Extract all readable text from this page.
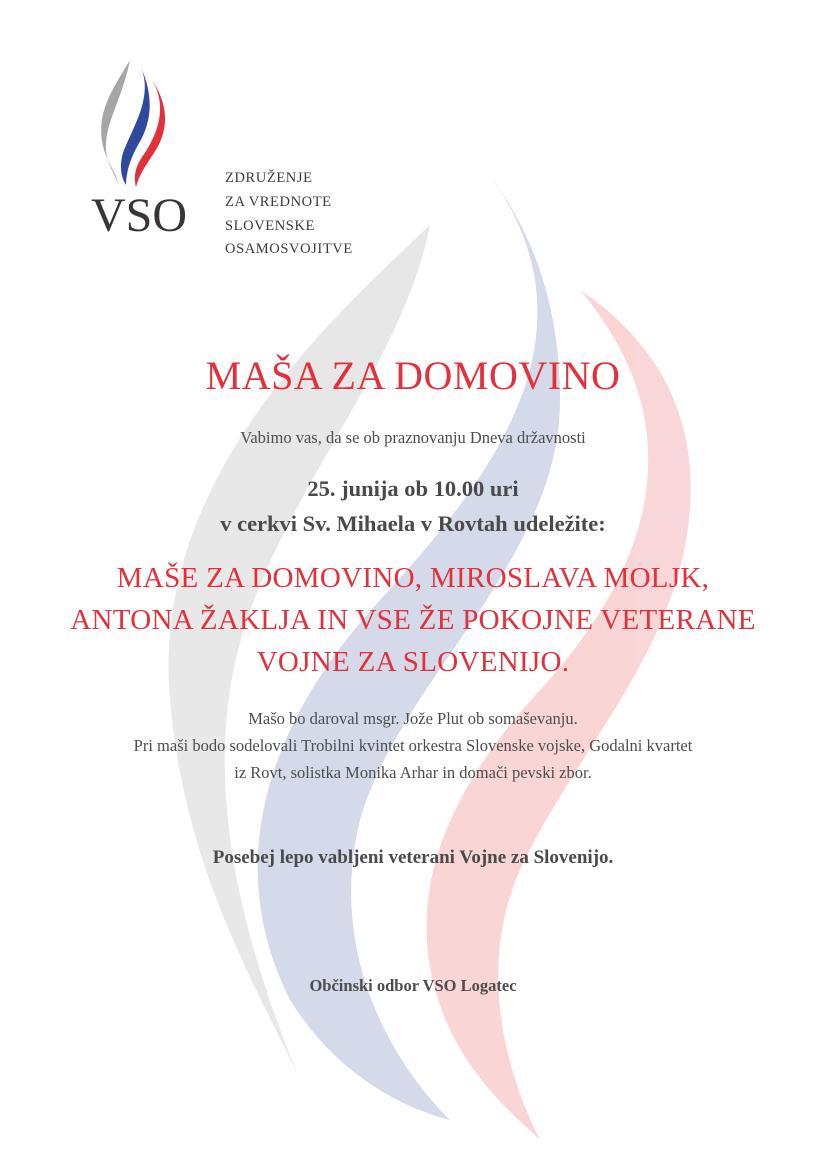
VSO
ZDRUŽENJE
ZA VREDNOTE
SLOVENSKE
OSAMOSVOJITVE
MAŠA ZA DOMOVINO
Vabimo vas, da se ob praznovanju Dneva državnosti
25. junija ob 10.00 uri
v cerkvi Sv. Mihaela v Rovtah udeležite:
MAŠE ZA DOMOVINO, MIROSLAVA MOLJK,
ANTONA ŽAKLJA IN VSE ŽE POKOJNE VETERANE
VOJNE ZA SLOVENIJO.
Mašo bo daroval msgr. Jože Plut ob somaševanju.
Pri maši bodo sodelovali Trobilni kvintet orkestra Slovenske vojske, Godalni kvartet
iz Rovt, solistka Monika Arhar in domači pevski zbor.
Posebej lepo vabljeni veterani Vojne za Slovenijo.
Občinski odbor VSO Logatec
